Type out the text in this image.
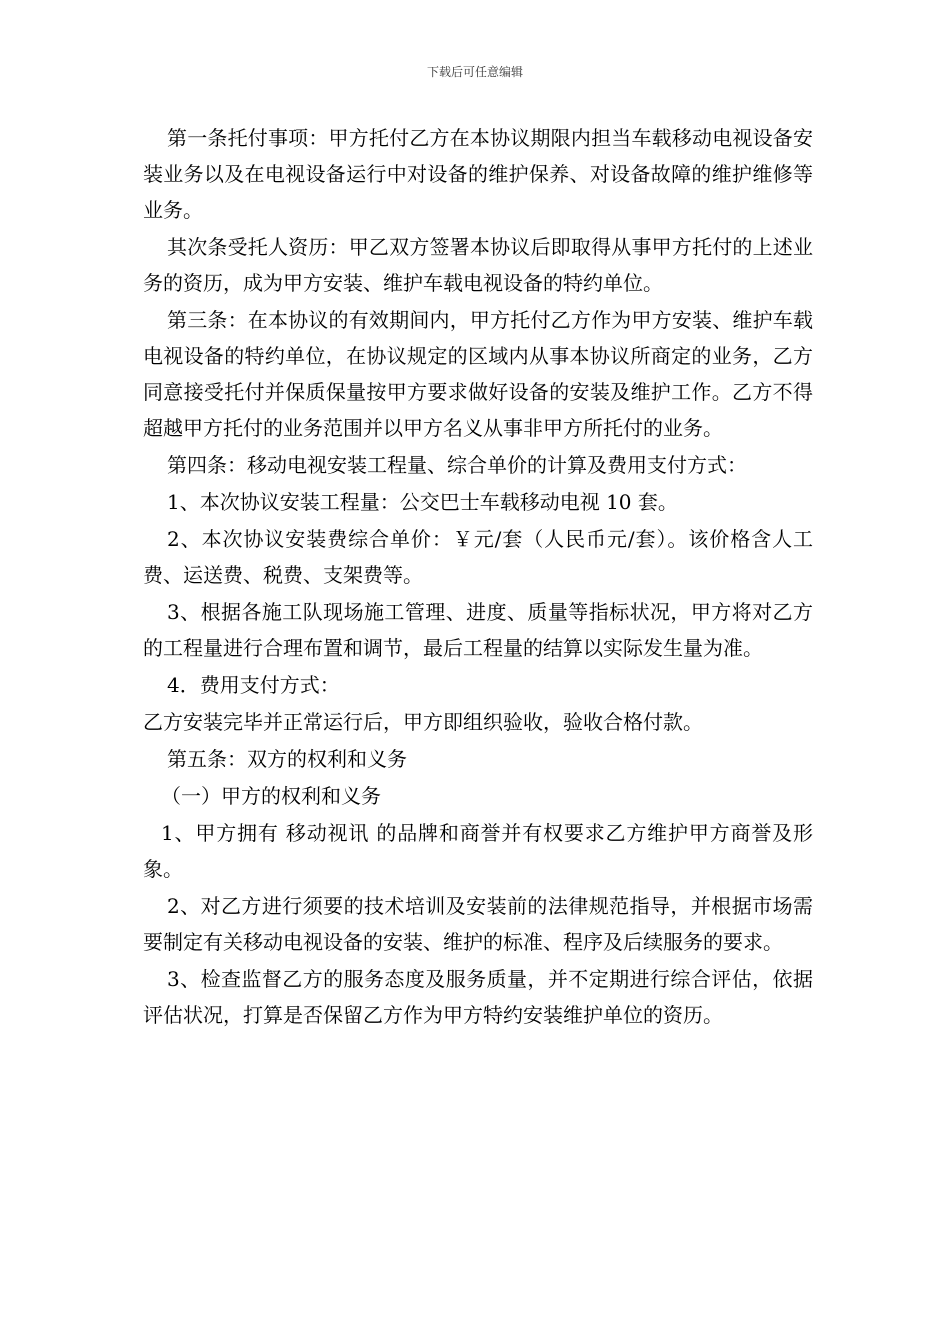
下载后可任意编辑

第一条托付事项：甲方托付乙方在本协议期限内担当车载移动电视设备安装业务以及在电视设备运行中对设备的维护保养、对设备故障的维护维修等业务。

其次条受托人资历：甲乙双方签署本协议后即取得从事甲方托付的上述业务的资历，成为甲方安装、维护车载电视设备的特约单位。

第三条：在本协议的有效期间内，甲方托付乙方作为甲方安装、维护车载电视设备的特约单位，在协议规定的区域内从事本协议所商定的业务，乙方同意接受托付并保质保量按甲方要求做好设备的安装及维护工作。乙方不得超越甲方托付的业务范围并以甲方名义从事非甲方所托付的业务。

第四条：移动电视安装工程量、综合单价的计算及费用支付方式：

1、本次协议安装工程量：公交巴士车载移动电视 10 套。

2、本次协议安装费综合单价：￥元/套（人民币元/套）。该价格含人工费、运送费、税费、支架费等。

3、根据各施工队现场施工管理、进度、质量等指标状况，甲方将对乙方的工程量进行合理布置和调节，最后工程量的结算以实际发生量为准。

4．费用支付方式：

乙方安装完毕并正常运行后，甲方即组织验收，验收合格付款。

第五条：双方的权利和义务

（一）甲方的权利和义务

1、甲方拥有 移动视讯 的品牌和商誉并有权要求乙方维护甲方商誉及形象。

2、对乙方进行须要的技术培训及安装前的法律规范指导，并根据市场需要制定有关移动电视设备的安装、维护的标准、程序及后续服务的要求。

3、检查监督乙方的服务态度及服务质量，并不定期进行综合评估，依据评估状况，打算是否保留乙方作为甲方特约安装维护单位的资历。
